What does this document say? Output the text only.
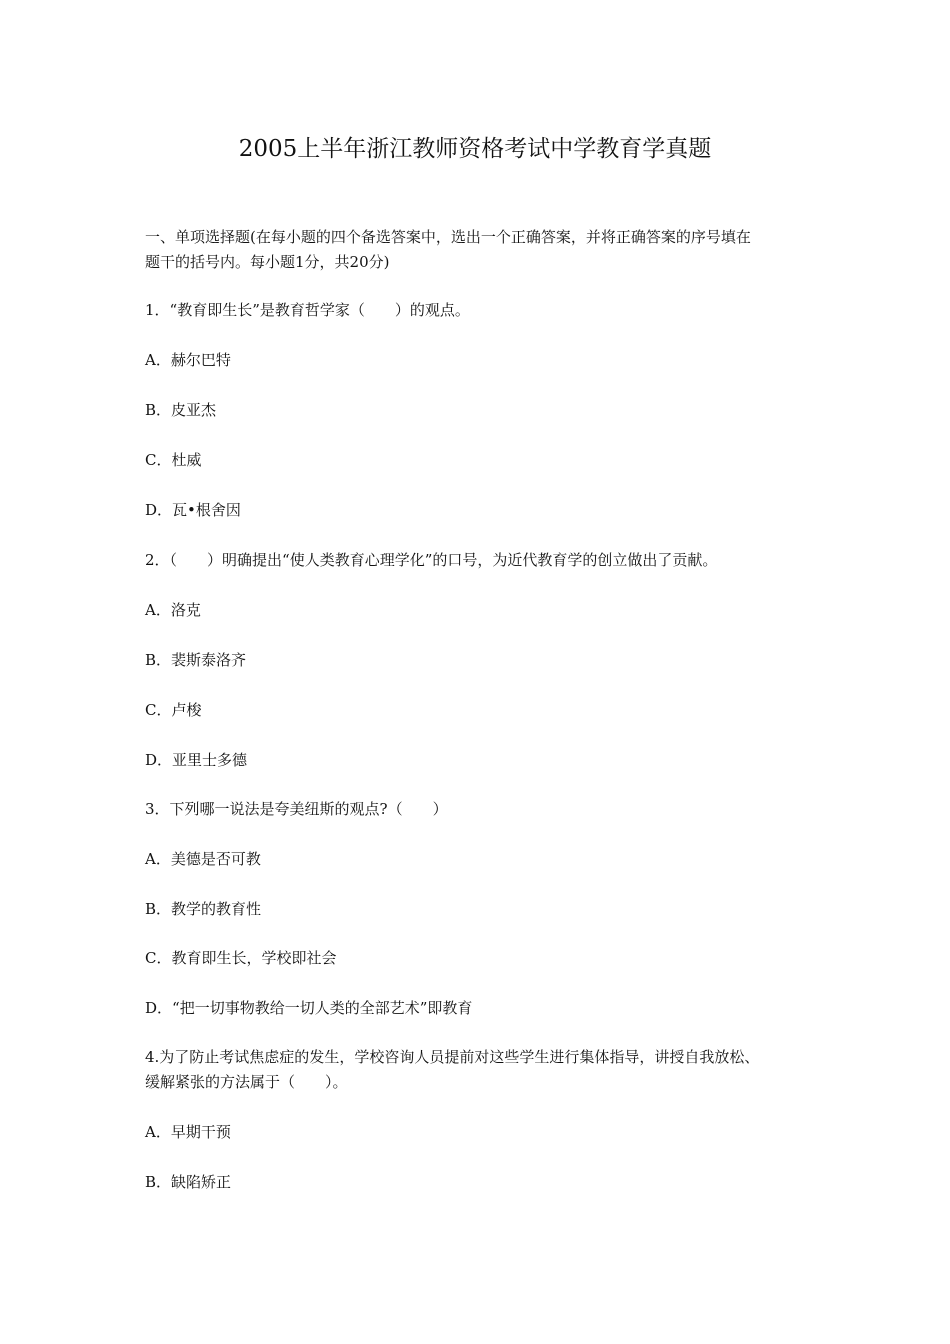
2005上半年浙江教师资格考试中学教育学真题

一、单项选择题(在每小题的四个备选答案中，选出一个正确答案，并将正确答案的序号填在

题干的括号内。每小题1分，共20分)

1．“教育即生长”是教育哲学家（　　）的观点。

A．赫尔巴特

B．皮亚杰

C．杜威

D．瓦•根舍因

2．（　　）明确提出“使人类教育心理学化”的口号，为近代教育学的创立做出了贡献。

A．洛克

B．裴斯泰洛齐

C．卢梭

D．亚里士多德

3．下列哪一说法是夸美纽斯的观点?（　　）

A．美德是否可教

B．教学的教育性

C．教育即生长，学校即社会

D．“把一切事物教给一切人类的全部艺术”即教育

4.为了防止考试焦虑症的发生，学校咨询人员提前对这些学生进行集体指导，讲授自我放松、

缓解紧张的方法属于（　　）。

A．早期干预

B．缺陷矫正
